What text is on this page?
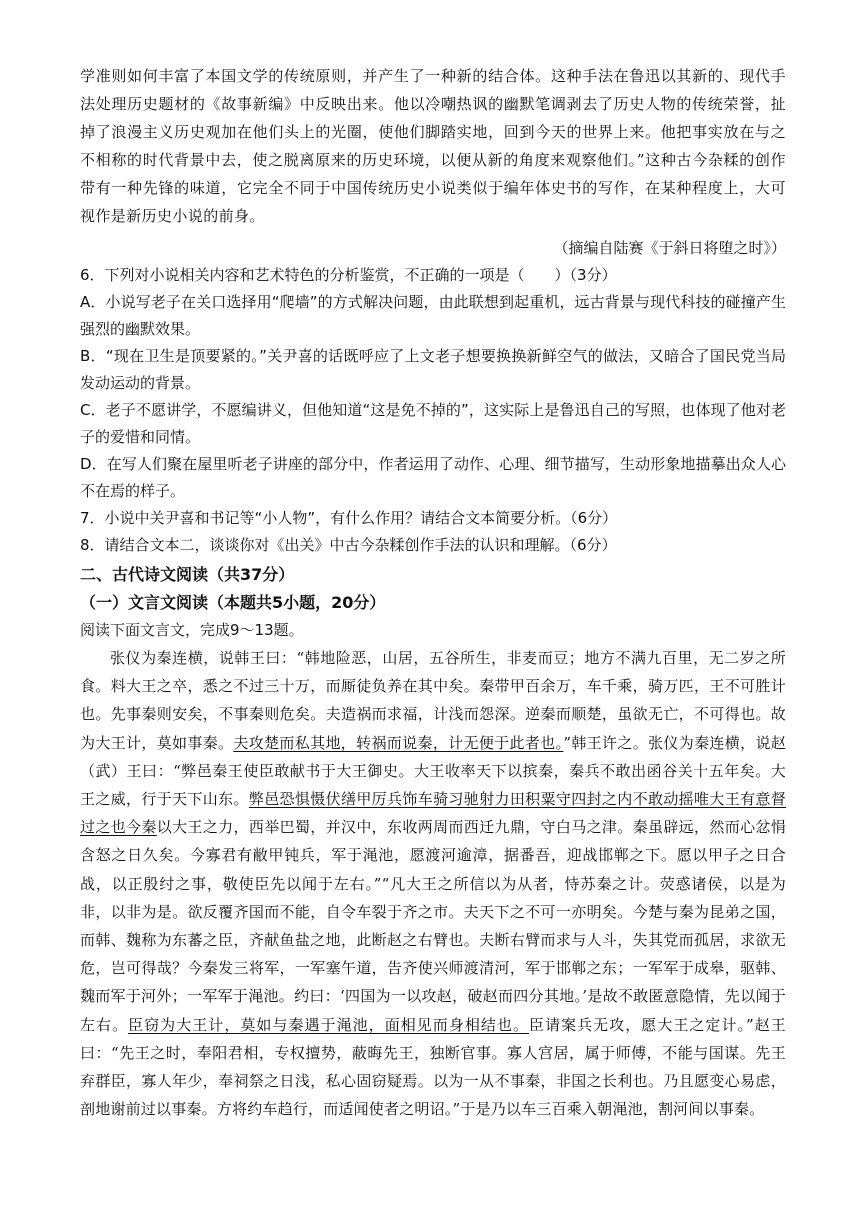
学准则如何丰富了本国文学的传统原则，并产生了一种新的结合体。这种手法在鲁迅以其新的、现代手法处理历史题材的《故事新编》中反映出来。他以冷嘲热讽的幽默笔调剥去了历史人物的传统荣誉，扯掉了浪漫主义历史观加在他们头上的光圈，使他们脚踏实地，回到今天的世界上来。他把事实放在与之不相称的时代背景中去，使之脱离原来的历史环境，以便从新的角度来观察他们。”这种古今杂糅的创作带有一种先锋的味道，它完全不同于中国传统历史小说类似于编年体史书的写作，在某种程度上，大可视作是新历史小说的前身。

（摘编自陆赛《于斜日将堕之时》）

6．下列对小说相关内容和艺术特色的分析鉴赏，不正确的一项是（　　）（3分）

A．小说写老子在关口选择用“爬墙”的方式解决问题，由此联想到起重机，远古背景与现代科技的碰撞产生强烈的幽默效果。

B．“现在卫生是顶要紧的。”关尹喜的话既呼应了上文老子想要换换新鲜空气的做法，又暗合了国民党当局发动运动的背景。

C．老子不愿讲学，不愿编讲义，但他知道“这是免不掉的”，这实际上是鲁迅自己的写照，也体现了他对老子的爱惜和同情。

D．在写人们聚在屋里听老子讲座的部分中，作者运用了动作、心理、细节描写，生动形象地描摹出众人心不在焉的样子。

7．小说中关尹喜和书记等“小人物”，有什么作用？请结合文本简要分析。（6分）

8．请结合文本二，谈谈你对《出关》中古今杂糅创作手法的认识和理解。（6分）

二、古代诗文阅读（共37分）

（一）文言文阅读（本题共5小题，20分）

阅读下面文言文，完成9～13题。

张仪为秦连横，说韩王曰：“韩地险恶，山居，五谷所生，非麦而豆；地方不满九百里，无二岁之所食。料大王之卒，悉之不过三十万，而厮徒负养在其中矣。秦带甲百余万，车千乘，骑万匹，王不可胜计也。先事秦则安矣，不事秦则危矣。夫造祸而求福，计浅而怨深。逆秦而顺楚，虽欲无亡，不可得也。故为大王计，莫如事秦。夫攻楚而私其地，转祸而说秦，计无便于此者也。”韩王许之。张仪为秦连横，说赵（武）王曰：“弊邑秦王使臣敢献书于大王御史。大王收率天下以摈秦，秦兵不敢出函谷关十五年矣。大王之威，行于天下山东。弊邑恐惧慑伏缮甲厉兵饰车骑习驰射力田积粟守四封之内不敢动摇唯大王有意督过之也今秦以大王之力，西举巴蜀，并汉中，东收两周而西迁九鼎，守白马之津。秦虽辟远，然而心忿悁含怒之日久矣。今寡君有敝甲钝兵，军于渑池，愿渡河逾漳，据番吾，迎战邯郸之下。愿以甲子之日合战，以正殷纣之事，敬使臣先以闻于左右。”“凡大王之所信以为从者，恃苏秦之计。荧惑诸侯，以是为非，以非为是。欲反覆齐国而不能，自令车裂于齐之市。夫天下之不可一亦明矣。今楚与秦为昆弟之国，而韩、魏称为东蕃之臣，齐献鱼盐之地，此断赵之右臂也。夫断右臂而求与人斗，失其党而孤居，求欲无危，岂可得哉？今秦发三将军，一军塞午道，告齐使兴师渡清河，军于邯郸之东；一军军于成皋，驱韩、魏而军于河外；一军军于渑池。约曰：‘四国为一以攻赵，破赵而四分其地。’是故不敢匿意隐情，先以闻于左右。臣窃为大王计，莫如与秦遇于渑池，面相见而身相结也。臣请案兵无攻，愿大王之定计。”赵王曰：“先王之时，奉阳君相，专权擅势，蔽晦先王，独断官事。寡人宫居，属于师傅，不能与国谋。先王弃群臣，寡人年少，奉祠祭之日浅，私心固窃疑焉。以为一从不事秦，非国之长利也。乃且愿变心易虑，剖地谢前过以事秦。方将约车趋行，而适闻使者之明诏。”于是乃以车三百乘入朝渑池，割河间以事秦。
